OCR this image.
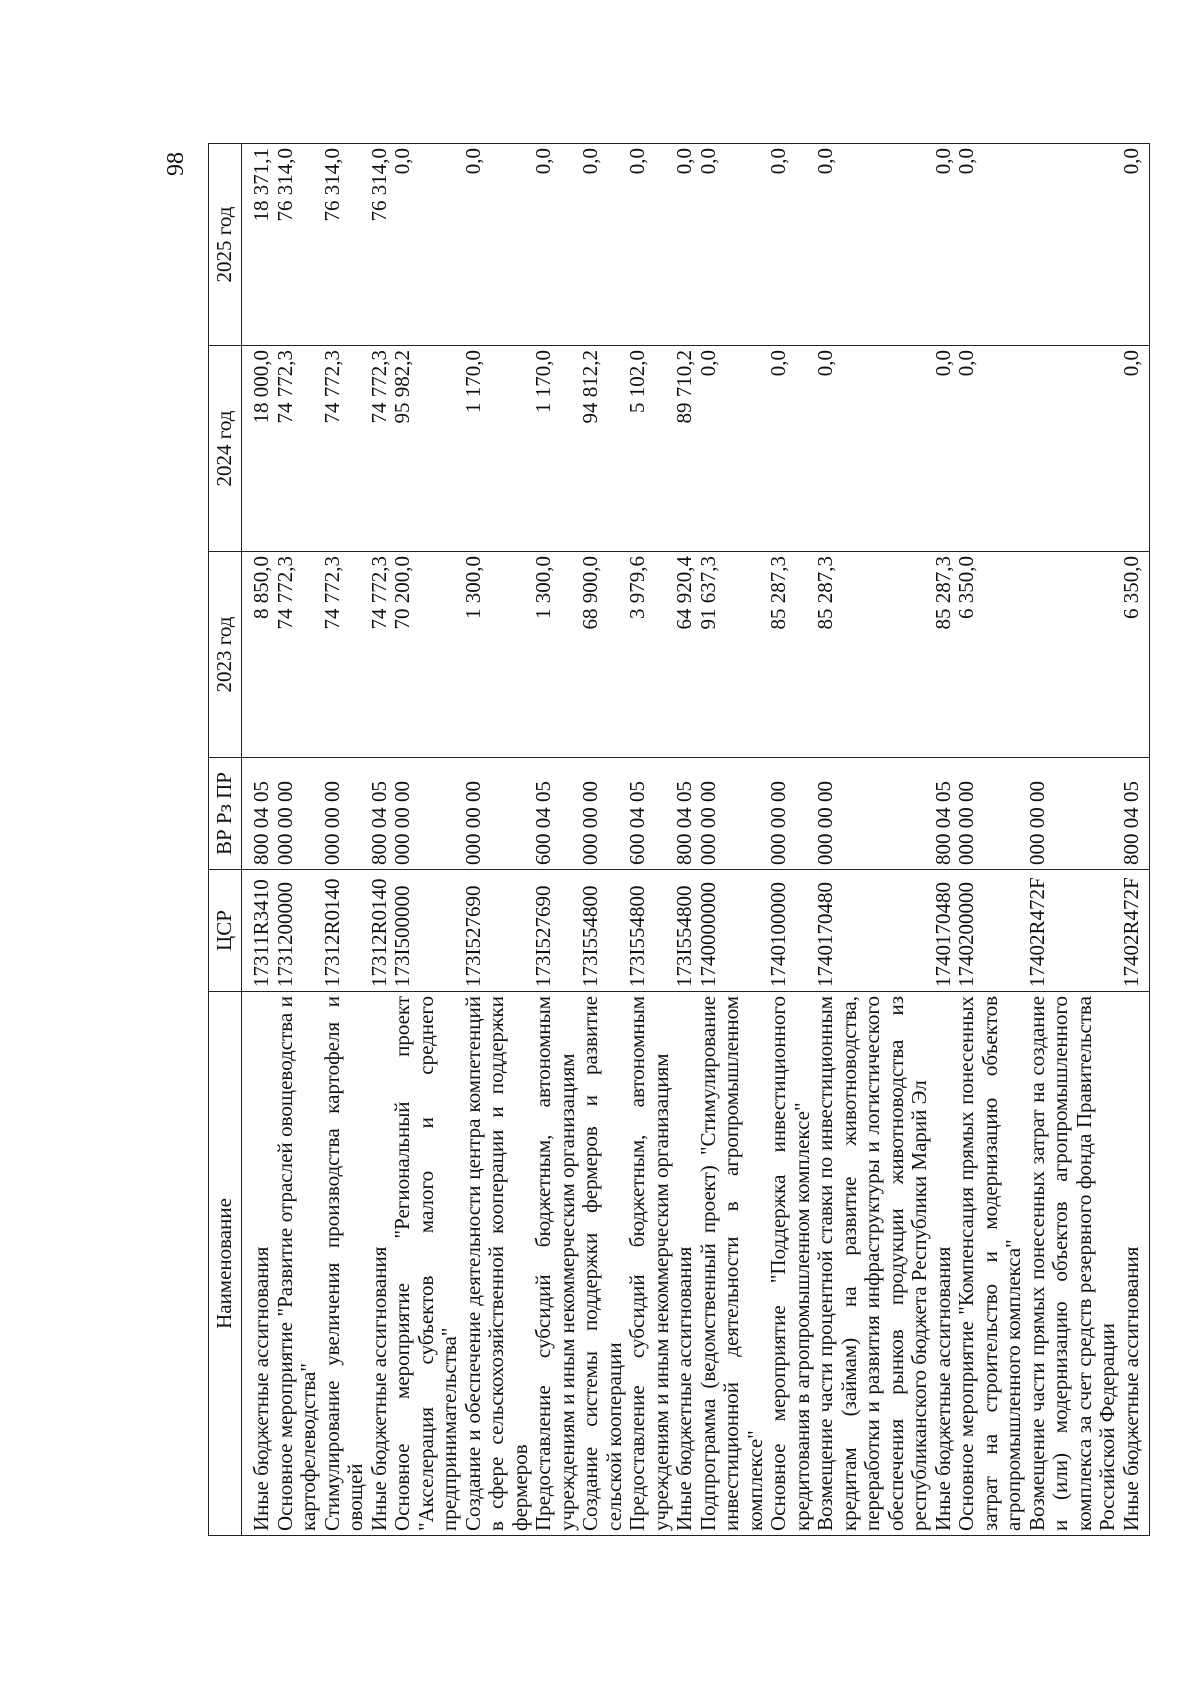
98
Наименование	ЦСР	ВР Рз ПР	2023 год	2024 год	2025 год
Иные бюджетные ассигнования	17311R3410	800 04 05	8 850,0	18 000,0	18 371,1
Основное мероприятие "Развитие отраслей овощеводства и картофелеводства"	1731200000	000 00 00	74 772,3	74 772,3	76 314,0
Стимулирование увеличения производства картофеля и овощей	17312R0140	000 00 00	74 772,3	74 772,3	76 314,0
Иные бюджетные ассигнования	17312R0140	800 04 05	74 772,3	74 772,3	76 314,0
Основное мероприятие "Региональный проект "Акселерация субъектов малого и среднего предпринимательства"	173I500000	000 00 00	70 200,0	95 982,2	0,0
Создание и обеспечение деятельности центра компетенций в сфере сельскохозяйственной кооперации и поддержки фермеров	173I527690	000 00 00	1 300,0	1 170,0	0,0
Предоставление субсидий бюджетным, автономным учреждениям и иным некоммерческим организациям	173I527690	600 04 05	1 300,0	1 170,0	0,0
Создание системы поддержки фермеров и развитие сельской кооперации	173I554800	000 00 00	68 900,0	94 812,2	0,0
Предоставление субсидий бюджетным, автономным учреждениям и иным некоммерческим организациям	173I554800	600 04 05	3 979,6	5 102,0	0,0
Иные бюджетные ассигнования	173I554800	800 04 05	64 920,4	89 710,2	0,0
Подпрограмма (ведомственный проект) "Стимулирование инвестиционной деятельности в агропромышленном комплексе"	1740000000	000 00 00	91 637,3	0,0	0,0
Основное мероприятие "Поддержка инвестиционного кредитования в агропромышленном комплексе"	1740100000	000 00 00	85 287,3	0,0	0,0
Возмещение части процентной ставки по инвестиционным кредитам (займам) на развитие животноводства, переработки и развития инфраструктуры и логистического обеспечения рынков продукции животноводства из республиканского бюджета Республики Марий Эл	1740170480	000 00 00	85 287,3	0,0	0,0
Иные бюджетные ассигнования	1740170480	800 04 05	85 287,3	0,0	0,0
Основное мероприятие "Компенсация прямых понесенных затрат на строительство и модернизацию объектов агропромышленного комплекса"	1740200000	000 00 00	6 350,0	0,0	0,0
Возмещение части прямых понесенных затрат на создание и (или) модернизацию объектов агропромышленного комплекса за счет средств резервного фонда Правительства Российской Федерации	17402R472F	000 00 00			
Иные бюджетные ассигнования	17402R472F	800 04 05	6 350,0	0,0	0,0
